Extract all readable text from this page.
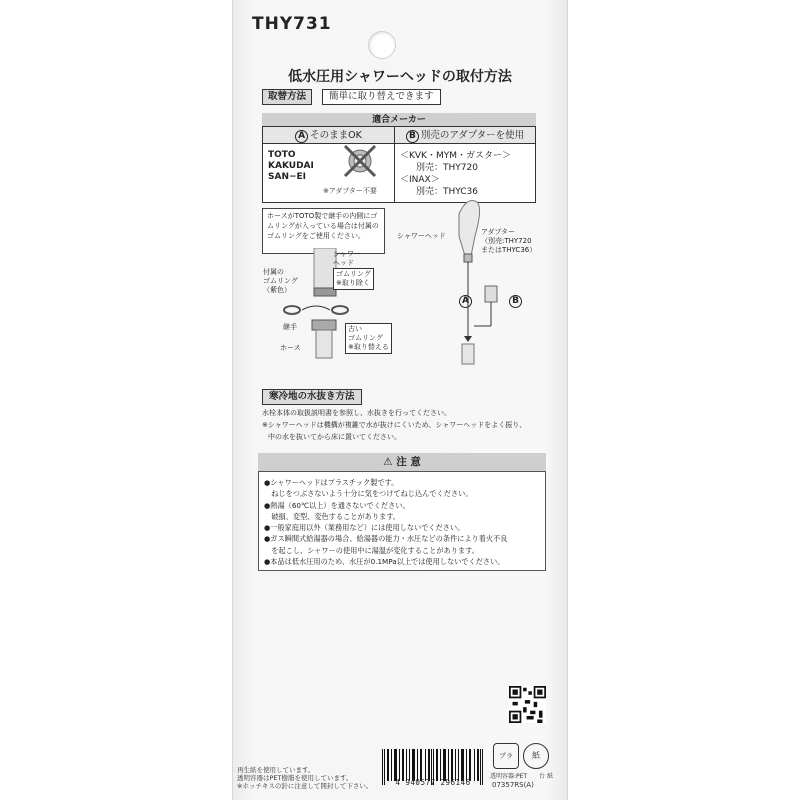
THY731
低水圧用シャワーヘッドの取付方法
取替方法	簡単に取り替えできます
適合メーカー
A そのままOK	B 別売のアダプターを使用
TOTO
KAKUDAI
SAN−EI
※アダプター不要
＜KVK・MYM・ガスター＞
別売：THY720
＜INAX＞
別売：THYC36
ホースがTOTO製で継手の内側にゴムリングが入っている場合は付属のゴムリングをご使用ください。
シャワー
ヘッド
ゴムリング
※取り除く
付属の
ゴムリング
（紫色）
継手
ホース
古い
ゴムリング
※取り替える
シャワーヘッド	アダプター
（別売:THY720
またはTHYC36）
A	B
寒冷地の水抜き方法
水栓本体の取扱説明書を参照し、水抜きを行ってください。
※シャワーヘッドは機構が複雑で水が抜けにくいため、シャワーヘッドをよく振り、
中の水を抜いてから床に置いてください。
⚠ 注 意
●シャワーヘッドはプラスチック製です。
　ねじをつぶさないよう十分に気をつけてねじ込んでください。
●熱湯（60℃以上）を通さないでください。
　破損、変型、変色することがあります。
●一般家庭用以外（業務用など）には使用しないでください。
●ガス瞬間式給湯器の場合、給湯器の能力・水圧などの条件により着火不良
　を起こし、シャワーの使用中に湯温が変化することがあります。
●本品は低水圧用のため、水圧が0.1MPa以上では使用しないでください。
再生紙を使用しています。
透明容器はPET樹脂を使用しています。
※ホッチキスの針に注意して開封して下さい。	4 940577 296146
プラ	紙
透明容器:PET 台 紙
07357RS(A)
